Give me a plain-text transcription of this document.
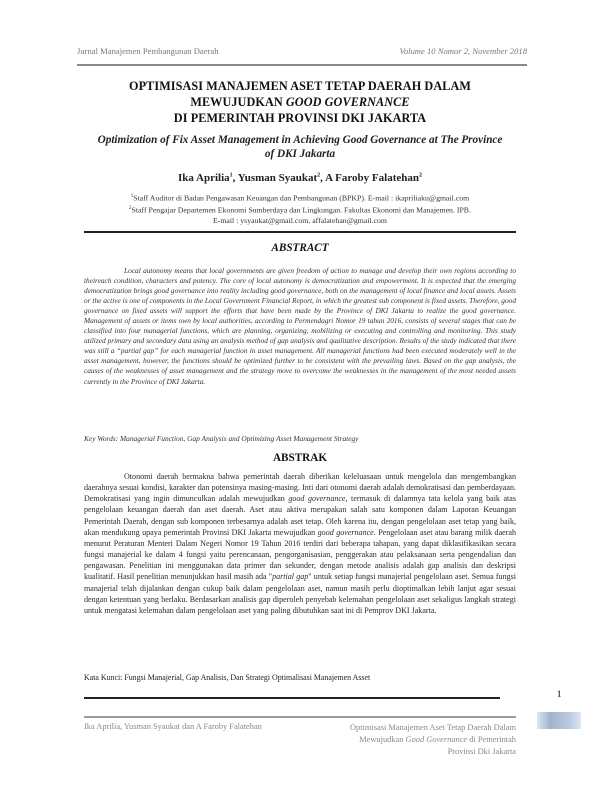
Jurnal Manajemen Pembangunan Daerah	Volume 10 Nomor 2, November 2018
OPTIMISASI MANAJEMEN ASET TETAP DAERAH DALAM
MEWUJUDKAN GOOD GOVERNANCE
DI PEMERINTAH PROVINSI DKI JAKARTA
Optimization of Fix Asset Management in Achieving Good Governance at The Province
of DKI Jakarta
Ika Aprilia$^1$, Yusman Syaukat$^2$, A Faroby Falatehan$^2$
$^1$Staff Auditor di Badan Pengawasan Keuangan dan Pembangunan (BPKP). E-mail : ikapriliaku@gmail.com
$^2$Staff Pengajar Departemen Ekonomi Sumberdaya dan Lingkungan. Fakultas Ekonomi dan Manajemen. IPB.
E-mail : ysyaukat@gmail.com, affalatehan@gmail.com
ABSTRACT

Local autonomy means that local governments are given freedom of action to manage and develop their own regions according to theireach condition, characters and potency. The core of local autonomy is democratization and empowerment. It is expected that the emerging democratization brings good governance into reality including good governance, both on the management of local finance and local assets. Assets or the active is one of components in the Local Government Financial Report, in which the greatest sub component is fixed assets. Therefore, good governance on fixed assets will support the efforts that have been made by the Province of DKI Jakarta to realize the good governance. Management of assets or items own by local authorities, according to Permendagri Nomor 19 tahun 2016, consists of several stages that can be classified into four managerial functions, which are planning, organizing, mobilizing or executing and controlling and monitoring. This study utilized primary and secondary data using an analysis method of gap analysis and qualitative description. Results of the study indicated that there was still a “partial gap” for each managerial function in asset management. All managerial functions had been executed moderately well in the asset management, however, the functions should be optimized further to be consistent with the prevailing laws. Based on the gap analysis, the causes of the weaknesses of asset management and the strategy move to overcome the weaknesses in the management of the most needed assets currently in the Province of DKI Jakarta.

Key Words: Managerial Function, Gap Analysis and Optimizing Asset Management Strategy
ABSTRAK

Otonomi daerah bermakna bahwa pemerintah daerah diberikan keleluasaan untuk mengelola dan mengembangkan daerahnya sesuai kondisi, karakter dan potensinya masing-masing. Inti dari otonomi daerah adalah demokratisasi dan pemberdayaan. Demokratisasi yang ingin dimunculkan adalah mewujudkan good governance, termasuk di dalamnya tata kelola yang baik atas pengelolaan keuangan daerah dan aset daerah. Aset atau aktiva merupakan salah satu komponen dalam Laporan Keuangan Pemerintah Daerah, dengan sub komponen terbesarnya adalah aset tetap. Oleh karena itu, dengan pengelolaan aset tetap yang baik, akan mendukung upaya pemerintah Provinsi DKI Jakarta mewujudkan good governance. Pengelolaan aset atau barang milik daerah menurut Peraturan Menteri Dalam Negeri Nomor 19 Tahun 2016 terdiri dari beberapa tahapan, yang dapat diklasifikasikan secara fungsi manajerial ke dalam 4 fungsi yaitu perencanaan, pengorganisasian, penggerakan atau pelaksanaan serta pengendalian dan pengawasan. Penelitian ini menggunakan data primer dan sekunder, dengan metode analisis adalah gap analisis dan deskripsi kualitatif. Hasil penelitian menunjukkan hasil masih ada "partial gap" untuk setiap fungsi manajerial pengelolaan aset. Semua fungsi manajerial telah dijalankan dengan cukup baik dalam pengelolaan aset, namun masih perlu dioptimalkan lebih lanjut agar sesuai dengan ketentuan yang berlaku. Berdasarkan analisis gap diperoleh penyebab kelemahan pengelolaan aset sekaligus langkah strategi untuk mengatasi kelemahan dalam pengelolaan aset yang paling dibutuhkan saat ini di Pemprov DKI Jakarta.

Kata Kunci: Fungsi Manajerial, Gap Analisis, Dan Strategi Optimalisasi Manajemen Asset
1
Ika Aprilia, Yusman Syaukat dan A Faroby Falatehan	Optimisasi Manajemen Aset Tetap Daerah Dalam
Mewujudkan Good Governance di Pemerintah
Provinsi Dki Jakarta
